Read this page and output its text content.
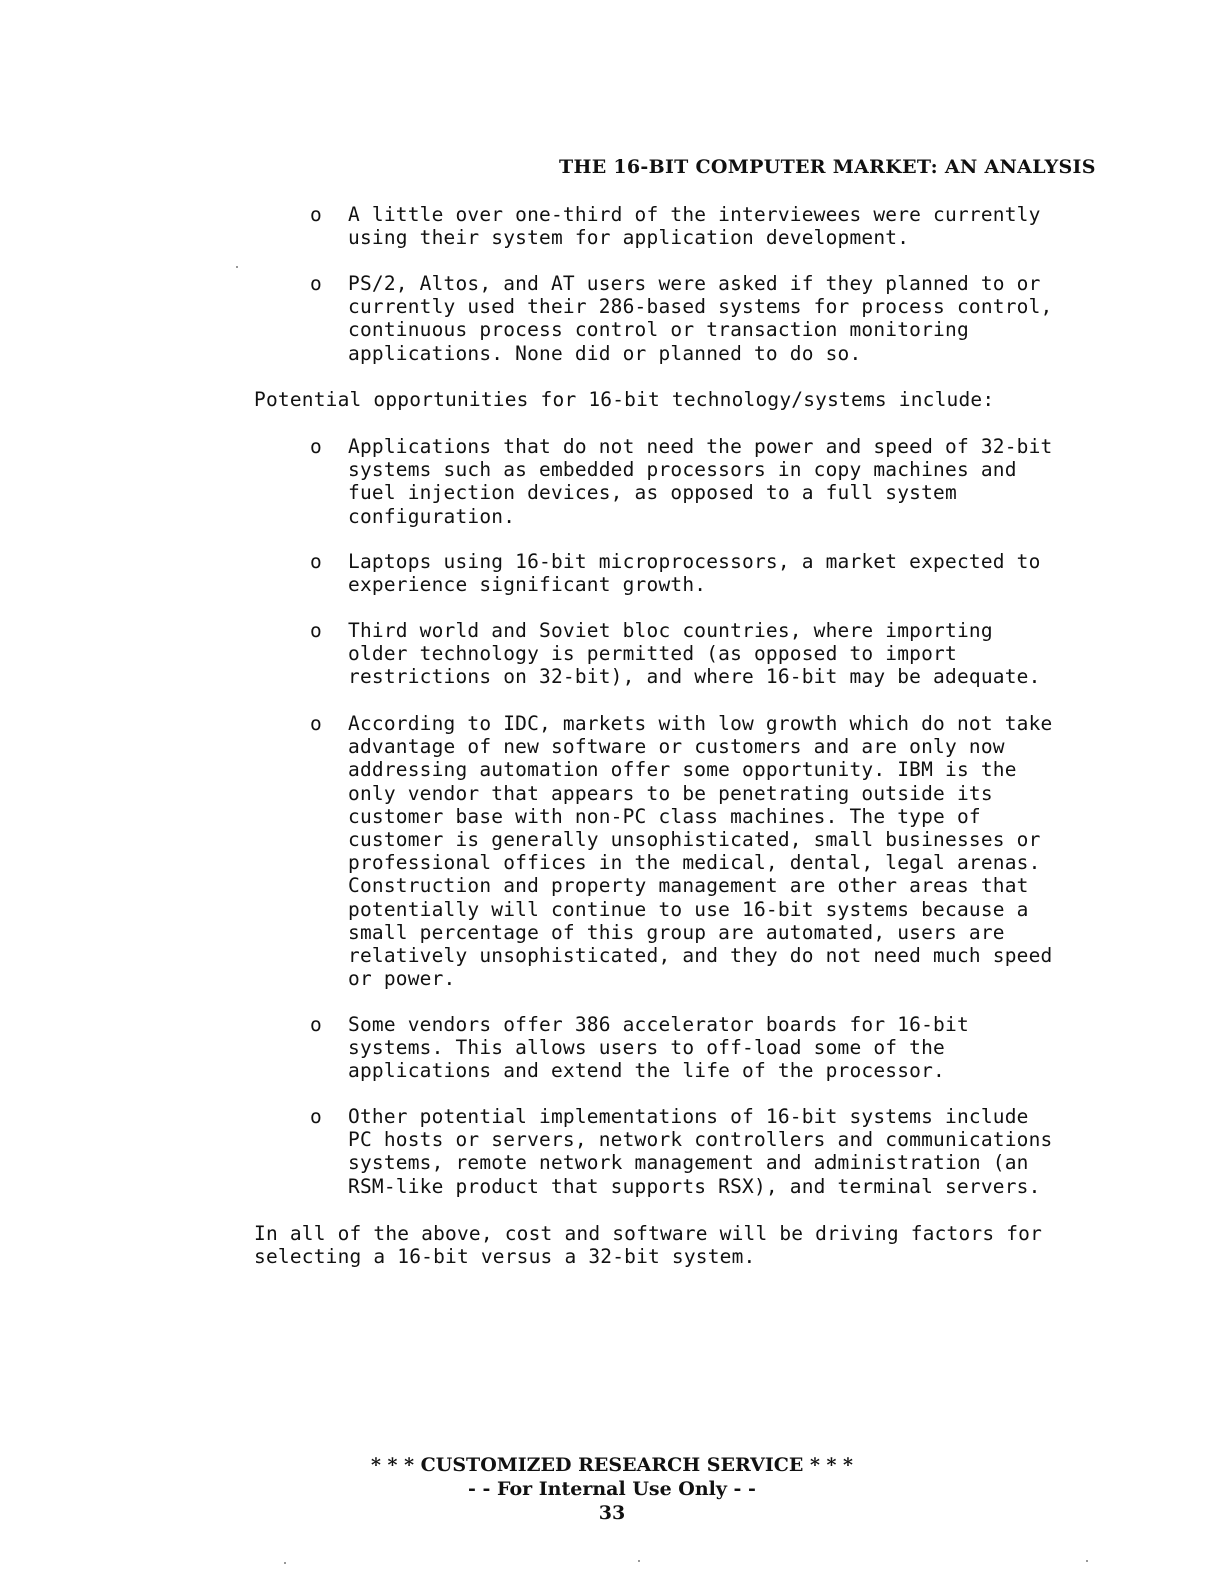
THE 16-BIT COMPUTER MARKET: AN ANALYSIS
o A little over one-third of the interviewees were currently
using their system for application development.
o PS/2, Altos, and AT users were asked if they planned to or
currently used their 286-based systems for process control,
continuous process control or transaction monitoring
applications. None did or planned to do so.
Potential opportunities for 16-bit technology/systems include:
o Applications that do not need the power and speed of 32-bit
systems such as embedded processors in copy machines and
fuel injection devices, as opposed to a full system
configuration.
o Laptops using 16-bit microprocessors, a market expected to
experience significant growth.
o Third world and Soviet bloc countries, where importing
older technology is permitted (as opposed to import
restrictions on 32-bit), and where 16-bit may be adequate.
o According to IDC, markets with low growth which do not take
advantage of new software or customers and are only now
addressing automation offer some opportunity. IBM is the
only vendor that appears to be penetrating outside its
customer base with non-PC class machines. The type of
customer is generally unsophisticated, small businesses or
professional offices in the medical, dental, legal arenas.
Construction and property management are other areas that
potentially will continue to use 16-bit systems because a
small percentage of this group are automated, users are
relatively unsophisticated, and they do not need much speed
or power.
o Some vendors offer 386 accelerator boards for 16-bit
systems. This allows users to off-load some of the
applications and extend the life of the processor.
o Other potential implementations of 16-bit systems include
PC hosts or servers, network controllers and communications
systems, remote network management and administration (an
RSM-like product that supports RSX), and terminal servers.
In all of the above, cost and software will be driving factors for
selecting a 16-bit versus a 32-bit system.
* * * CUSTOMIZED RESEARCH SERVICE * * *
- - For Internal Use Only - -
33
